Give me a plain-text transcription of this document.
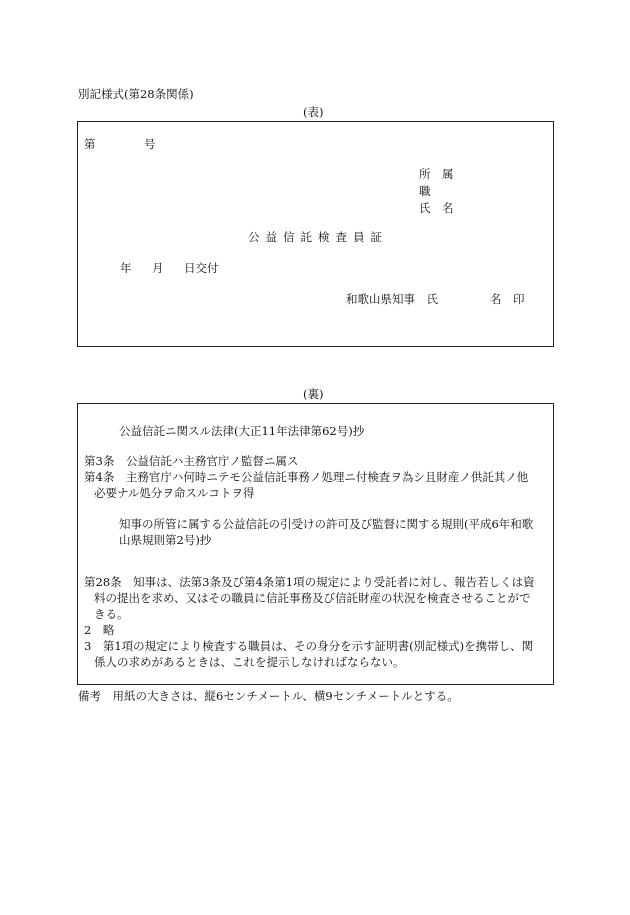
別記様式(第28条関係)
(表)
第	号
所　属
職
氏　名
公益信託検査員証
年 月 日交付
和歌山県知事　氏	名　印
(裏)
公益信託ニ関スル法律(大正11年法律第62号)抄
第3条　公益信託ハ主務官庁ノ監督ニ属ス
第4条　主務官庁ハ何時ニテモ公益信託事務ノ処理ニ付検査ヲ為シ且財産ノ供託其ノ他
必要ナル処分ヲ命スルコトヲ得
知事の所管に属する公益信託の引受けの許可及び監督に関する規則(平成6年和歌
山県規則第2号)抄
第28条　知事は、法第3条及び第4条第1項の規定により受託者に対し、報告若しくは資
料の提出を求め、又はその職員に信託事務及び信託財産の状況を検査させることがで
きる。
2　略
3　第1項の規定により検査する職員は、その身分を示す証明書(別記様式)を携帯し、関
係人の求めがあるときは、これを提示しなければならない。
備考　用紙の大きさは、縦6センチメートル、横9センチメートルとする。
